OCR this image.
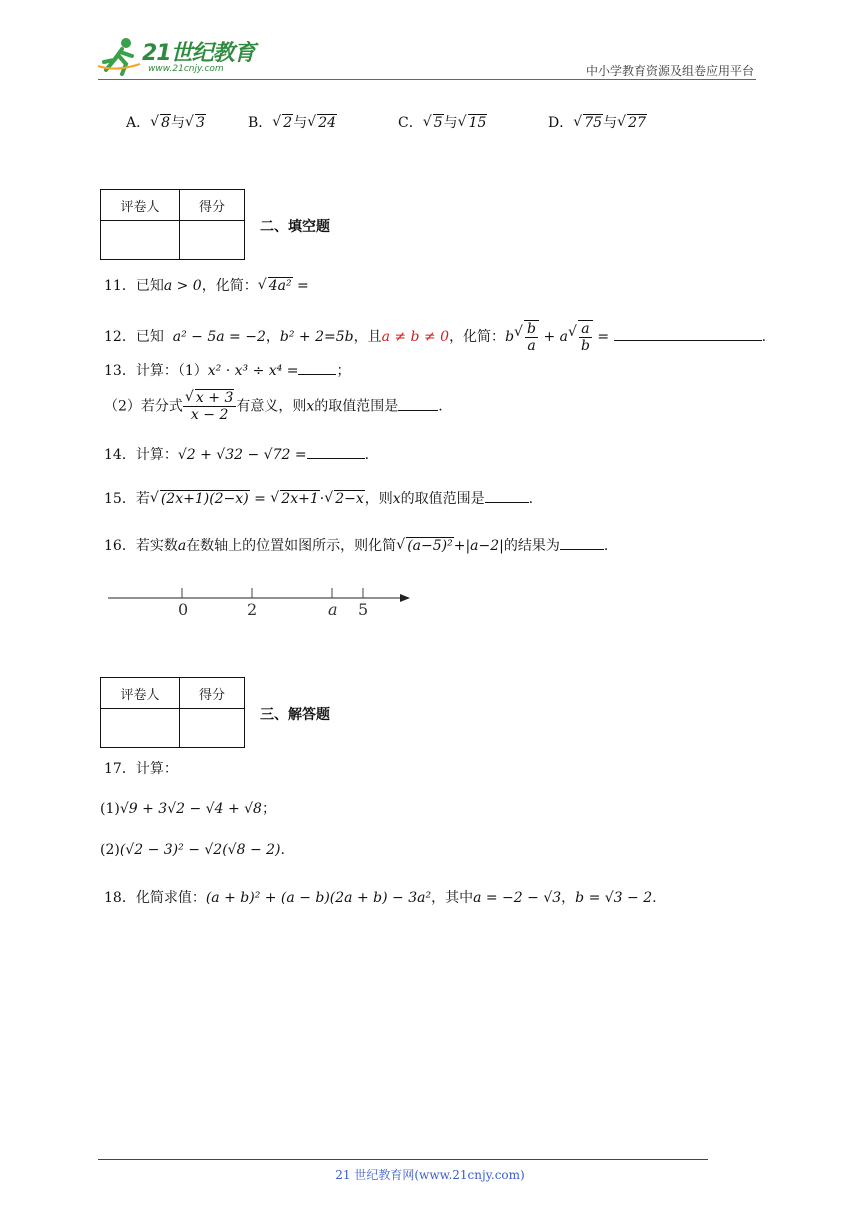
21世纪教育
www.21cnjy.com	中小学教育资源及组卷应用平台
A． √ 8与 √ 3	B． √ 2与 √ 24	C． √ 5与 √ 15	D． √ 75与 √ 27
评卷人	得分

二、填空题
11．已知a > 0，化简： √ 4a² =
12．已知 a² − 5a = −2，b² + 2=5b，且a ≠ b ≠ 0，化简：b √ $\frac{b}{a} + a$ √ $\frac{a}{b}$ =	.
13．计算：（1）x² · x³ ÷ x⁴ =	；
（2）若分式 $\frac{√ x + 3}{x - 2}$ 有意义，则x的取值范围是	.
14．计算：√2 + √32 − √72 =	.
15．若 √ (2x+1)(2−x) = √ 2x+1· √ 2−x，则x的取值范围是	.
16．若实数a在数轴上的位置如图所示，则化简 √ (a−5)²+|a−2|的结果为	.
0	2	a 5
评卷人	得分

三、解答题
17．计算：
(1)√9 + 3√2 − √4 + √8；
(2)(√2 − 3)² − √2(√8 − 2).
18．化简求值：(a + b)² + (a − b)(2a + b) − 3a²，其中a = −2 − √3，b = √3 − 2.
21 世纪教育网(www.21cnjy.com)
